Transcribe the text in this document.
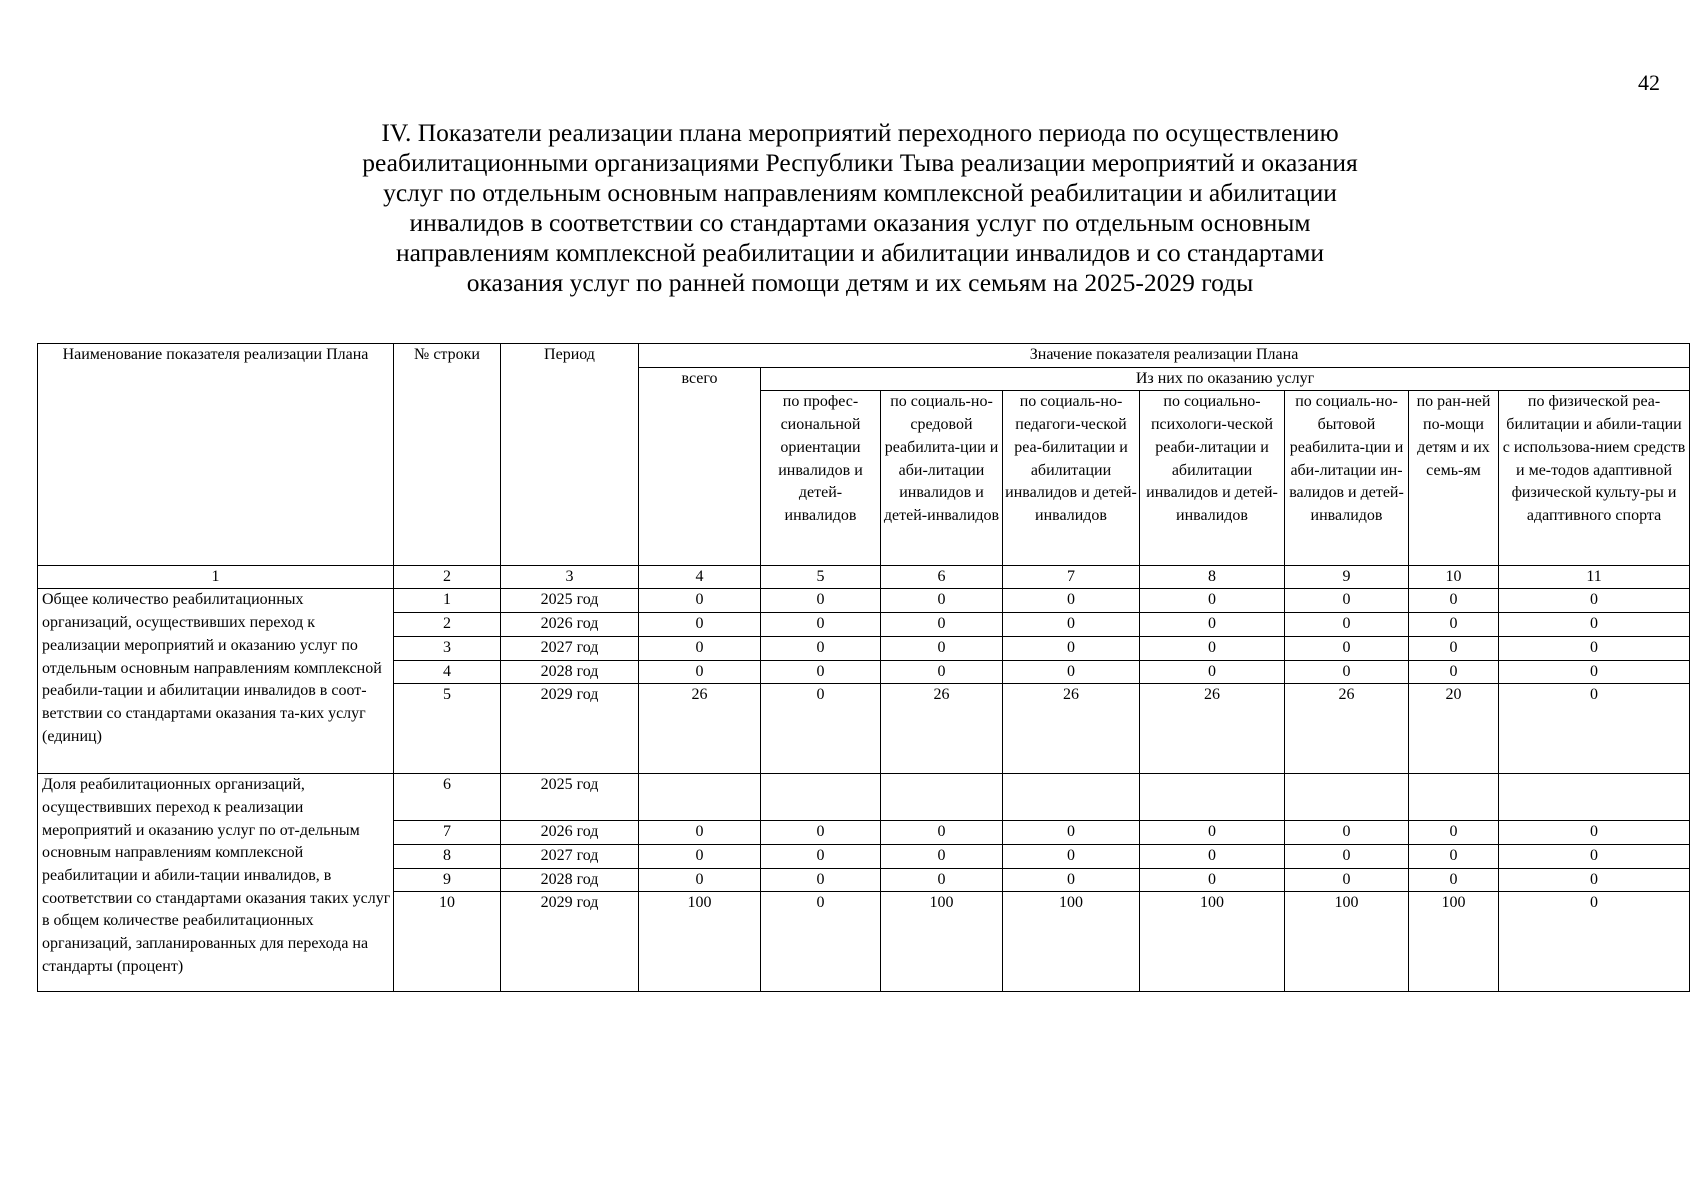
42
IV. Показатели реализации плана мероприятий переходного периода по осуществлению
реабилитационными организациями Республики Тыва реализации мероприятий и оказания
услуг по отдельным основным направлениям комплексной реабилитации и абилитации
инвалидов в соответствии со стандартами оказания услуг по отдельным основным
направлениям комплексной реабилитации и абилитации инвалидов и со стандартами
оказания услуг по ранней помощи детям и их семьям на 2025-2029 годы
Наименование показателя реализации Плана	№ строки	Период	Значение показателя реализации Плана							
			всего	Из них по оказанию услуг						
				по профес-сиональной ориентации инвалидов и детей-инвалидов	по социаль-но-средовой реабилита-ции и аби-литации инвалидов и детей-инвалидов	по социаль-но-педагоги-ческой реа-билитации и абилитации инвалидов и детей-инвалидов	по социально-психологи-ческой реаби-литации и абилитации инвалидов и детей-инвалидов	по социаль-но-бытовой реабилита-ции и аби-литации ин-валидов и детей-инвалидов	по ран-ней по-мощи детям и их семь-ям	по физической реа-билитации и абили-тации с использова-нием средств и ме-тодов адаптивной физической культу-ры и адаптивного спорта
1	2	3	4	5	6	7	8	9	10	11
Общее количество реабилитационных организаций, осуществивших переход к реализации мероприятий и оказанию услуг по отдельным основным направлениям комплексной реабили-тации и абилитации инвалидов в соот-ветствии со стандартами оказания та-ких услуг (единиц)	1	2025 год	0	0	0	0	0	0	0	0
	2	2026 год	0	0	0	0	0	0	0	0
	3	2027 год	0	0	0	0	0	0	0	0
	4	2028 год	0	0	0	0	0	0	0	0
	5	2029 год	26	0	26	26	26	26	20	0
Доля реабилитационных организаций, осуществивших переход к реализации мероприятий и оказанию услуг по от-дельным основным направлениям комплексной реабилитации и абили-тации инвалидов, в соответствии со стандартами оказания таких услуг в общем количестве реабилитационных организаций, запланированных для перехода на стандарты (процент)	6	2025 год								
	7	2026 год	0	0	0	0	0	0	0	0
	8	2027 год	0	0	0	0	0	0	0	0
	9	2028 год	0	0	0	0	0	0	0	0
	10	2029 год	100	0	100	100	100	100	100	0
